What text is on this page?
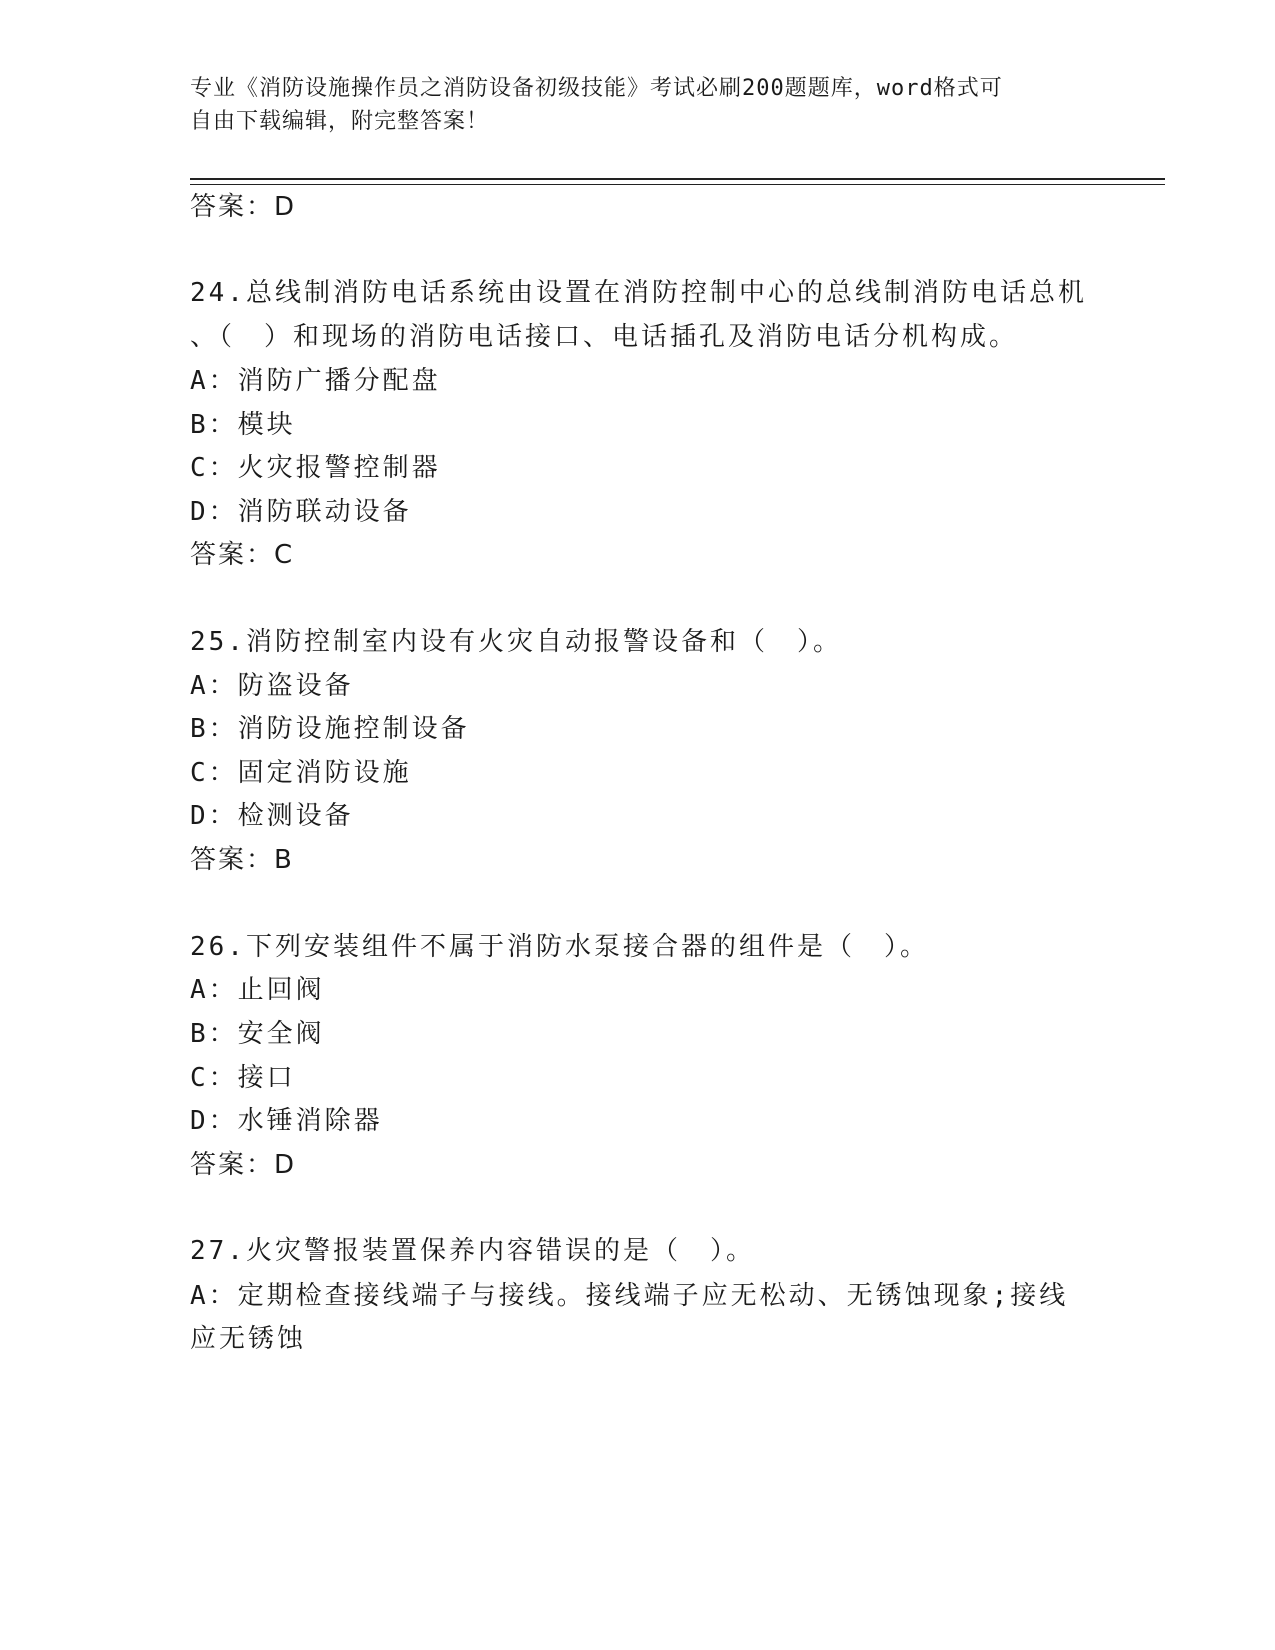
专业《消防设施操作员之消防设备初级技能》考试必刷200题题库，word格式可
自由下载编辑，附完整答案！
答案：D
24.总线制消防电话系统由设置在消防控制中心的总线制消防电话总机
、（　）和现场的消防电话接口、电话插孔及消防电话分机构成。
A：消防广播分配盘
B：模块
C：火灾报警控制器
D：消防联动设备
答案：C
25.消防控制室内设有火灾自动报警设备和（　）。
A：防盗设备
B：消防设施控制设备
C：固定消防设施
D：检测设备
答案：B
26.下列安装组件不属于消防水泵接合器的组件是（　）。
A：止回阀
B：安全阀
C：接口
D：水锤消除器
答案：D
27.火灾警报装置保养内容错误的是（　）。
A：定期检查接线端子与接线。接线端子应无松动、无锈蚀现象;接线
应无锈蚀
